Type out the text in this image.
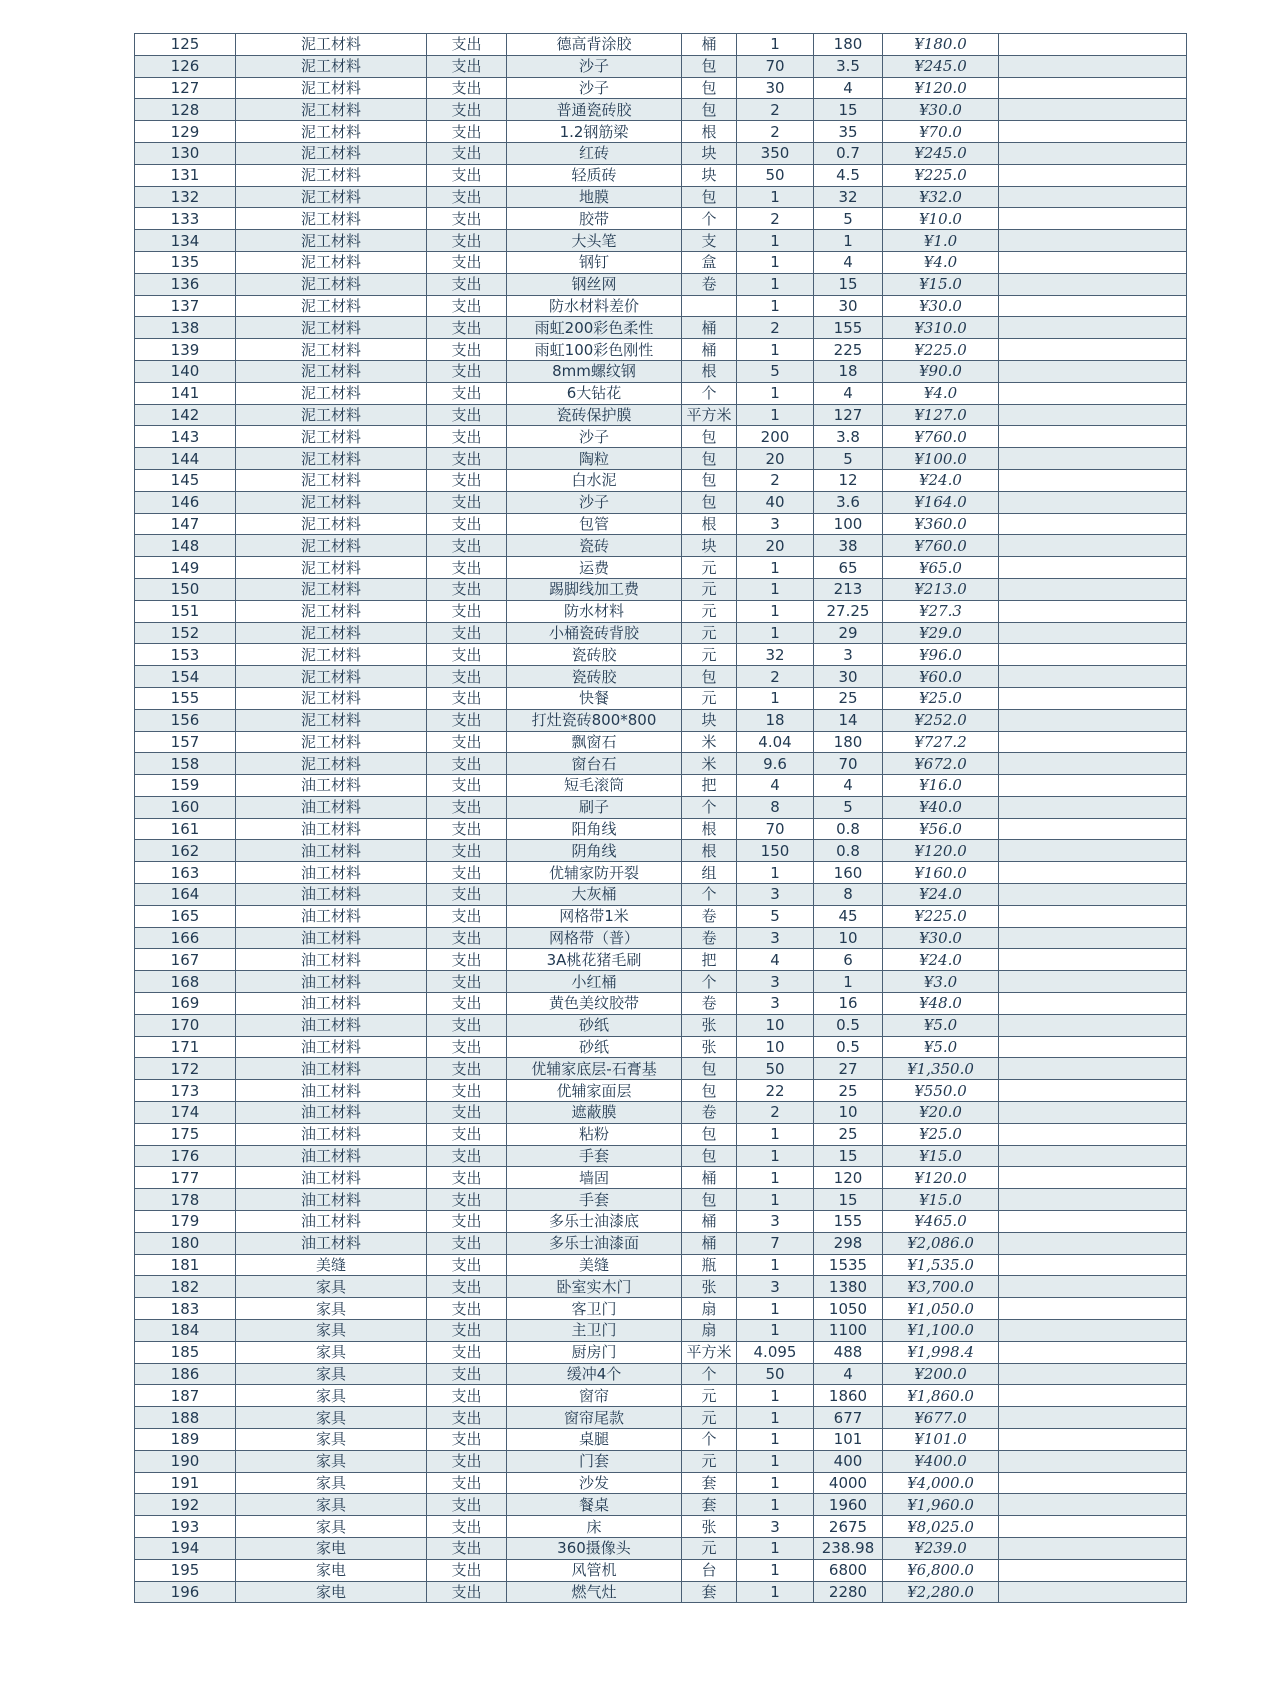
125	泥工材料	支出	德高背涂胶	桶	1	180	¥180.0	
126	泥工材料	支出	沙子	包	70	3.5	¥245.0	
127	泥工材料	支出	沙子	包	30	4	¥120.0	
128	泥工材料	支出	普通瓷砖胶	包	2	15	¥30.0	
129	泥工材料	支出	1.2钢筋梁	根	2	35	¥70.0	
130	泥工材料	支出	红砖	块	350	0.7	¥245.0	
131	泥工材料	支出	轻质砖	块	50	4.5	¥225.0	
132	泥工材料	支出	地膜	包	1	32	¥32.0	
133	泥工材料	支出	胶带	个	2	5	¥10.0	
134	泥工材料	支出	大头笔	支	1	1	¥1.0	
135	泥工材料	支出	钢钉	盒	1	4	¥4.0	
136	泥工材料	支出	钢丝网	卷	1	15	¥15.0	
137	泥工材料	支出	防水材料差价		1	30	¥30.0	
138	泥工材料	支出	雨虹200彩色柔性	桶	2	155	¥310.0	
139	泥工材料	支出	雨虹100彩色刚性	桶	1	225	¥225.0	
140	泥工材料	支出	8mm螺纹钢	根	5	18	¥90.0	
141	泥工材料	支出	6大钻花	个	1	4	¥4.0	
142	泥工材料	支出	瓷砖保护膜	平方米	1	127	¥127.0	
143	泥工材料	支出	沙子	包	200	3.8	¥760.0	
144	泥工材料	支出	陶粒	包	20	5	¥100.0	
145	泥工材料	支出	白水泥	包	2	12	¥24.0	
146	泥工材料	支出	沙子	包	40	3.6	¥164.0	
147	泥工材料	支出	包管	根	3	100	¥360.0	
148	泥工材料	支出	瓷砖	块	20	38	¥760.0	
149	泥工材料	支出	运费	元	1	65	¥65.0	
150	泥工材料	支出	踢脚线加工费	元	1	213	¥213.0	
151	泥工材料	支出	防水材料	元	1	27.25	¥27.3	
152	泥工材料	支出	小桶瓷砖背胶	元	1	29	¥29.0	
153	泥工材料	支出	瓷砖胶	元	32	3	¥96.0	
154	泥工材料	支出	瓷砖胶	包	2	30	¥60.0	
155	泥工材料	支出	快餐	元	1	25	¥25.0	
156	泥工材料	支出	打灶瓷砖800*800	块	18	14	¥252.0	
157	泥工材料	支出	飘窗石	米	4.04	180	¥727.2	
158	泥工材料	支出	窗台石	米	9.6	70	¥672.0	
159	油工材料	支出	短毛滚筒	把	4	4	¥16.0	
160	油工材料	支出	刷子	个	8	5	¥40.0	
161	油工材料	支出	阳角线	根	70	0.8	¥56.0	
162	油工材料	支出	阴角线	根	150	0.8	¥120.0	
163	油工材料	支出	优辅家防开裂	组	1	160	¥160.0	
164	油工材料	支出	大灰桶	个	3	8	¥24.0	
165	油工材料	支出	网格带1米	卷	5	45	¥225.0	
166	油工材料	支出	网格带（普）	卷	3	10	¥30.0	
167	油工材料	支出	3A桃花猪毛刷	把	4	6	¥24.0	
168	油工材料	支出	小红桶	个	3	1	¥3.0	
169	油工材料	支出	黄色美纹胶带	卷	3	16	¥48.0	
170	油工材料	支出	砂纸	张	10	0.5	¥5.0	
171	油工材料	支出	砂纸	张	10	0.5	¥5.0	
172	油工材料	支出	优辅家底层-石膏基	包	50	27	¥1,350.0	
173	油工材料	支出	优辅家面层	包	22	25	¥550.0	
174	油工材料	支出	遮蔽膜	卷	2	10	¥20.0	
175	油工材料	支出	粘粉	包	1	25	¥25.0	
176	油工材料	支出	手套	包	1	15	¥15.0	
177	油工材料	支出	墙固	桶	1	120	¥120.0	
178	油工材料	支出	手套	包	1	15	¥15.0	
179	油工材料	支出	多乐士油漆底	桶	3	155	¥465.0	
180	油工材料	支出	多乐士油漆面	桶	7	298	¥2,086.0	
181	美缝	支出	美缝	瓶	1	1535	¥1,535.0	
182	家具	支出	卧室实木门	张	3	1380	¥3,700.0	
183	家具	支出	客卫门	扇	1	1050	¥1,050.0	
184	家具	支出	主卫门	扇	1	1100	¥1,100.0	
185	家具	支出	厨房门	平方米	4.095	488	¥1,998.4	
186	家具	支出	缓冲4个	个	50	4	¥200.0	
187	家具	支出	窗帘	元	1	1860	¥1,860.0	
188	家具	支出	窗帘尾款	元	1	677	¥677.0	
189	家具	支出	桌腿	个	1	101	¥101.0	
190	家具	支出	门套	元	1	400	¥400.0	
191	家具	支出	沙发	套	1	4000	¥4,000.0	
192	家具	支出	餐桌	套	1	1960	¥1,960.0	
193	家具	支出	床	张	3	2675	¥8,025.0	
194	家电	支出	360摄像头	元	1	238.98	¥239.0	
195	家电	支出	风管机	台	1	6800	¥6,800.0	
196	家电	支出	燃气灶	套	1	2280	¥2,280.0	
